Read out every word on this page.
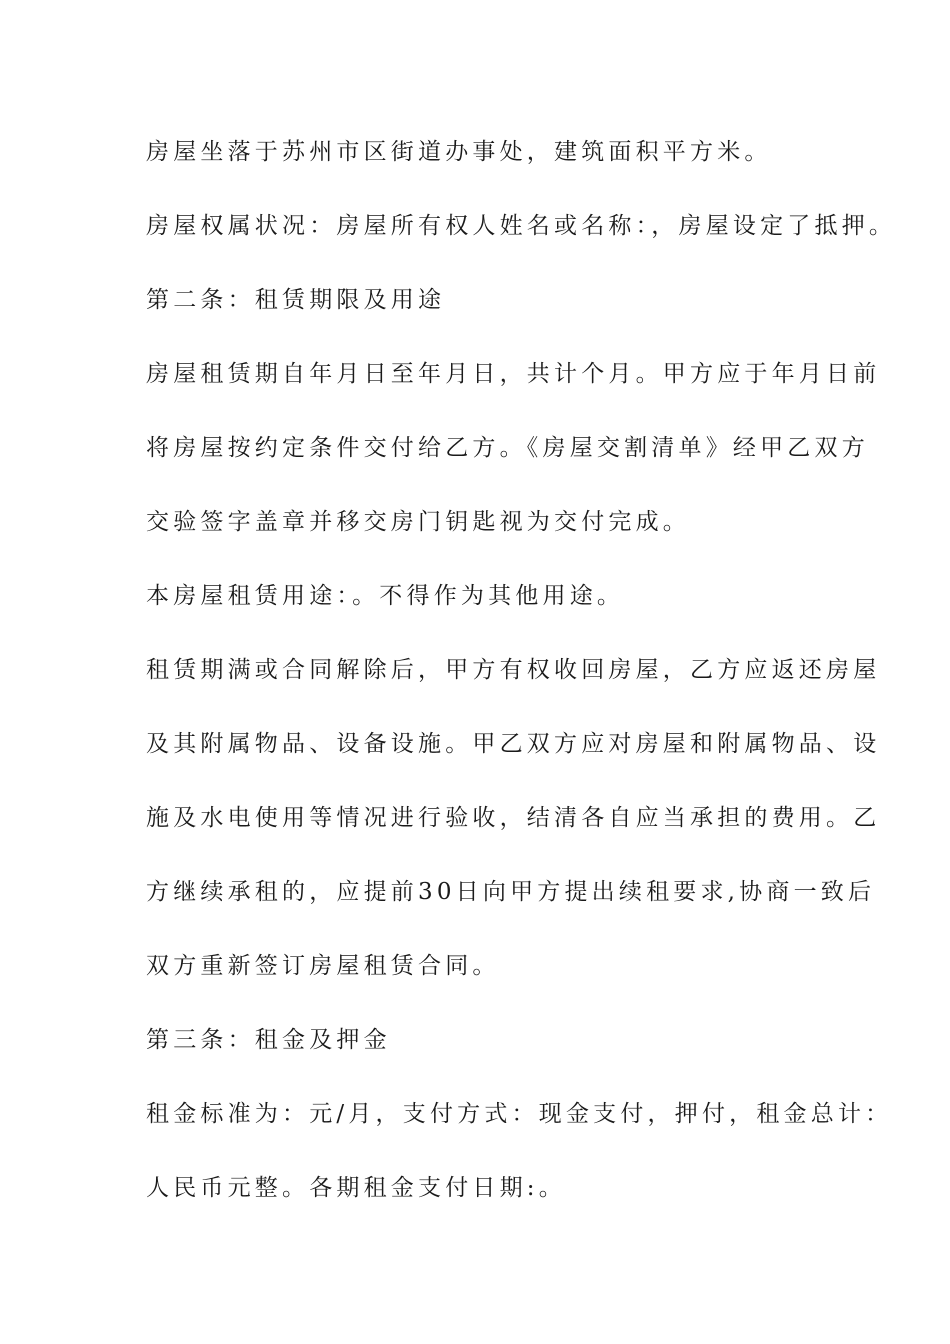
房屋坐落于苏州市区街道办事处，建筑面积平方米。
房屋权属状况：房屋所有权人姓名或名称：，房屋设定了抵押。
第二条：租赁期限及用途
房屋租赁期自年月日至年月日，共计个月。甲方应于年月日前
将房屋按约定条件交付给乙方。《房屋交割清单》经甲乙双方
交验签字盖章并移交房门钥匙视为交付完成。
本房屋租赁用途：。不得作为其他用途。
租赁期满或合同解除后，甲方有权收回房屋，乙方应返还房屋
及其附属物品、设备设施。甲乙双方应对房屋和附属物品、设
施及水电使用等情况进行验收，结清各自应当承担的费用。乙
方继续承租的，应提前30日向甲方提出续租要求,协商一致后
双方重新签订房屋租赁合同。
第三条：租金及押金
租金标准为：元/月，支付方式：现金支付，押付，租金总计：
人民币元整。各期租金支付日期:。
